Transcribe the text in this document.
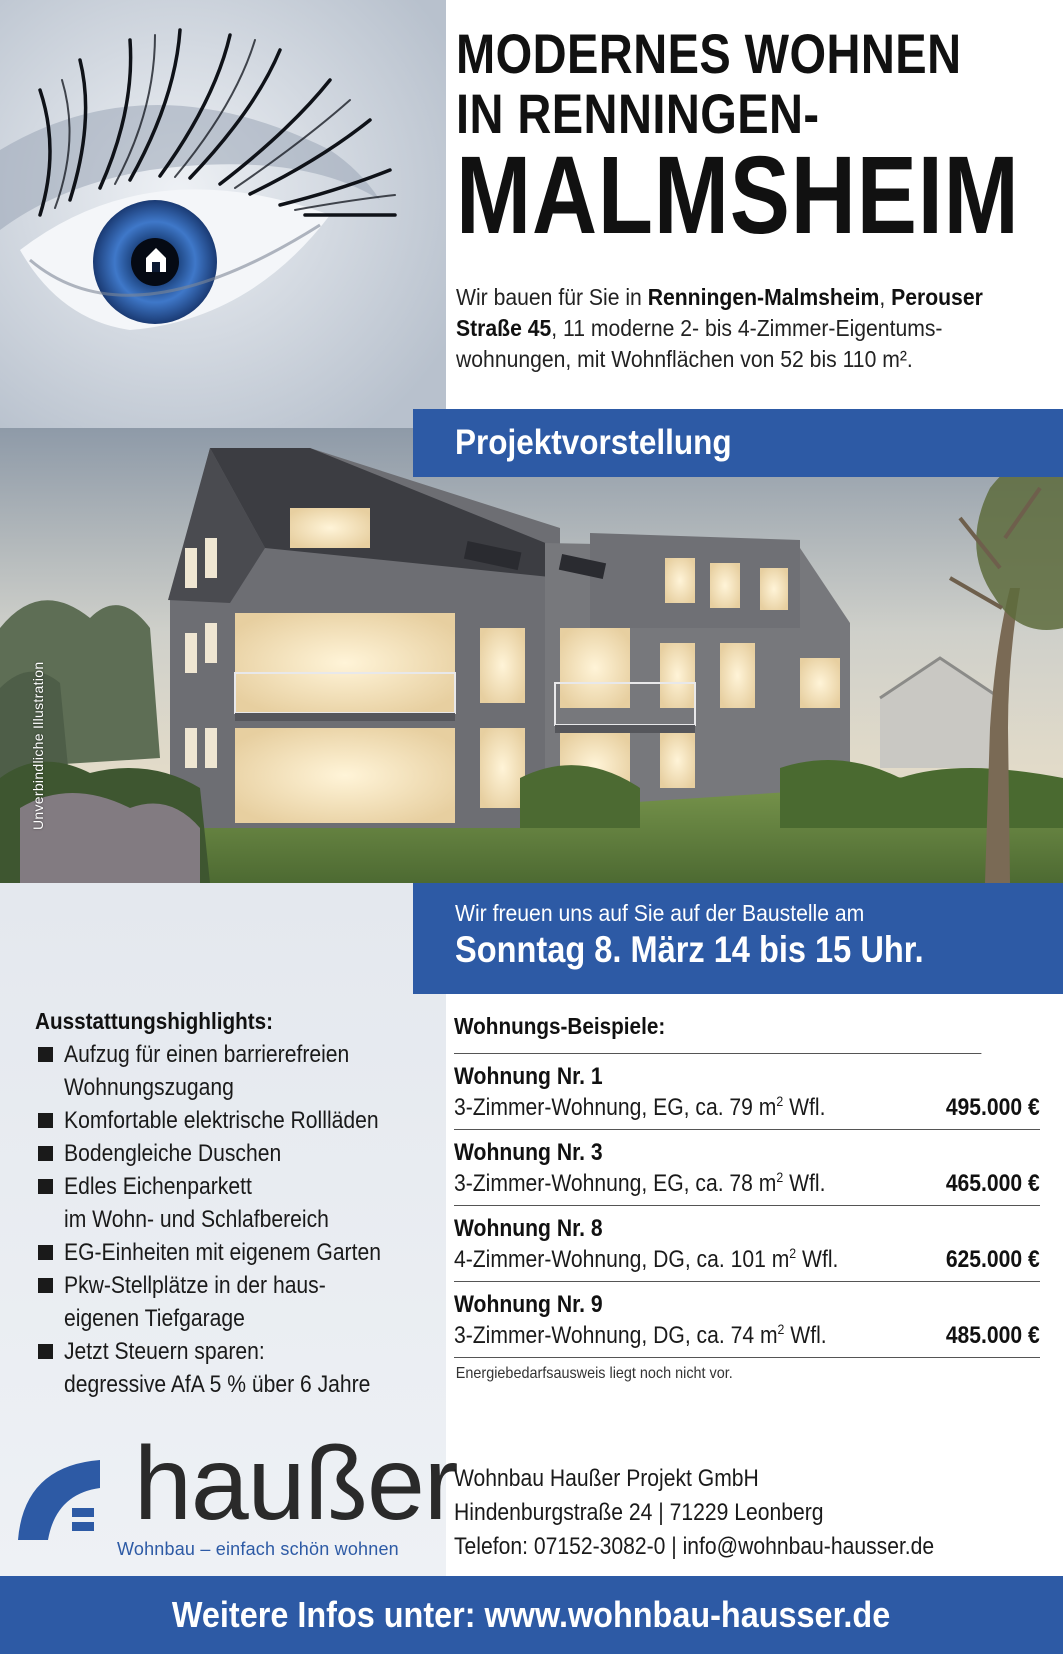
MODERNES WOHNEN
IN RENNINGEN-
MALMSHEIM
Wir bauen für Sie in Renningen-Malmsheim, Perouser
Straße 45, 11 moderne 2- bis 4-Zimmer-Eigentums-
wohnungen, mit Wohnflächen von 52 bis 110 m².
Unverbindliche Illustration
Projektvorstellung
Wir freuen uns auf Sie auf der Baustelle am
Sonntag 8. März 14 bis 15 Uhr.
Ausstattungshighlights:
Aufzug für einen barrierefreien
Wohnungszugang
Komfortable elektrische Rollläden
Bodengleiche Duschen
Edles Eichenparkett
im Wohn- und Schlafbereich
EG-Einheiten mit eigenem Garten
Pkw-Stellplätze in der haus-
eigenen Tiefgarage
Jetzt Steuern sparen:
degressive AfA 5 % über 6 Jahre
Wohnungs-Beispiele:
Wohnung Nr. 1
3-Zimmer-Wohnung, EG, ca. 79 $m^2$ Wfl.	495.000 €
Wohnung Nr. 3
3-Zimmer-Wohnung, EG, ca. 78 $m^2$ Wfl.	465.000 €
Wohnung Nr. 8
4-Zimmer-Wohnung, DG, ca. 101 $m^2$ Wfl.	625.000 €
Wohnung Nr. 9
3-Zimmer-Wohnung, DG, ca. 74 $m^2$ Wfl.	485.000 €
Energiebedarfsausweis liegt noch nicht vor.
haußer
Wohnbau – einfach schön wohnen
Wohnbau Haußer Projekt GmbH
Hindenburgstraße 24 | 71229 Leonberg
Telefon: 07152-3082-0 | info@wohnbau-hausser.de
Weitere Infos unter: www.wohnbau-hausser.de
